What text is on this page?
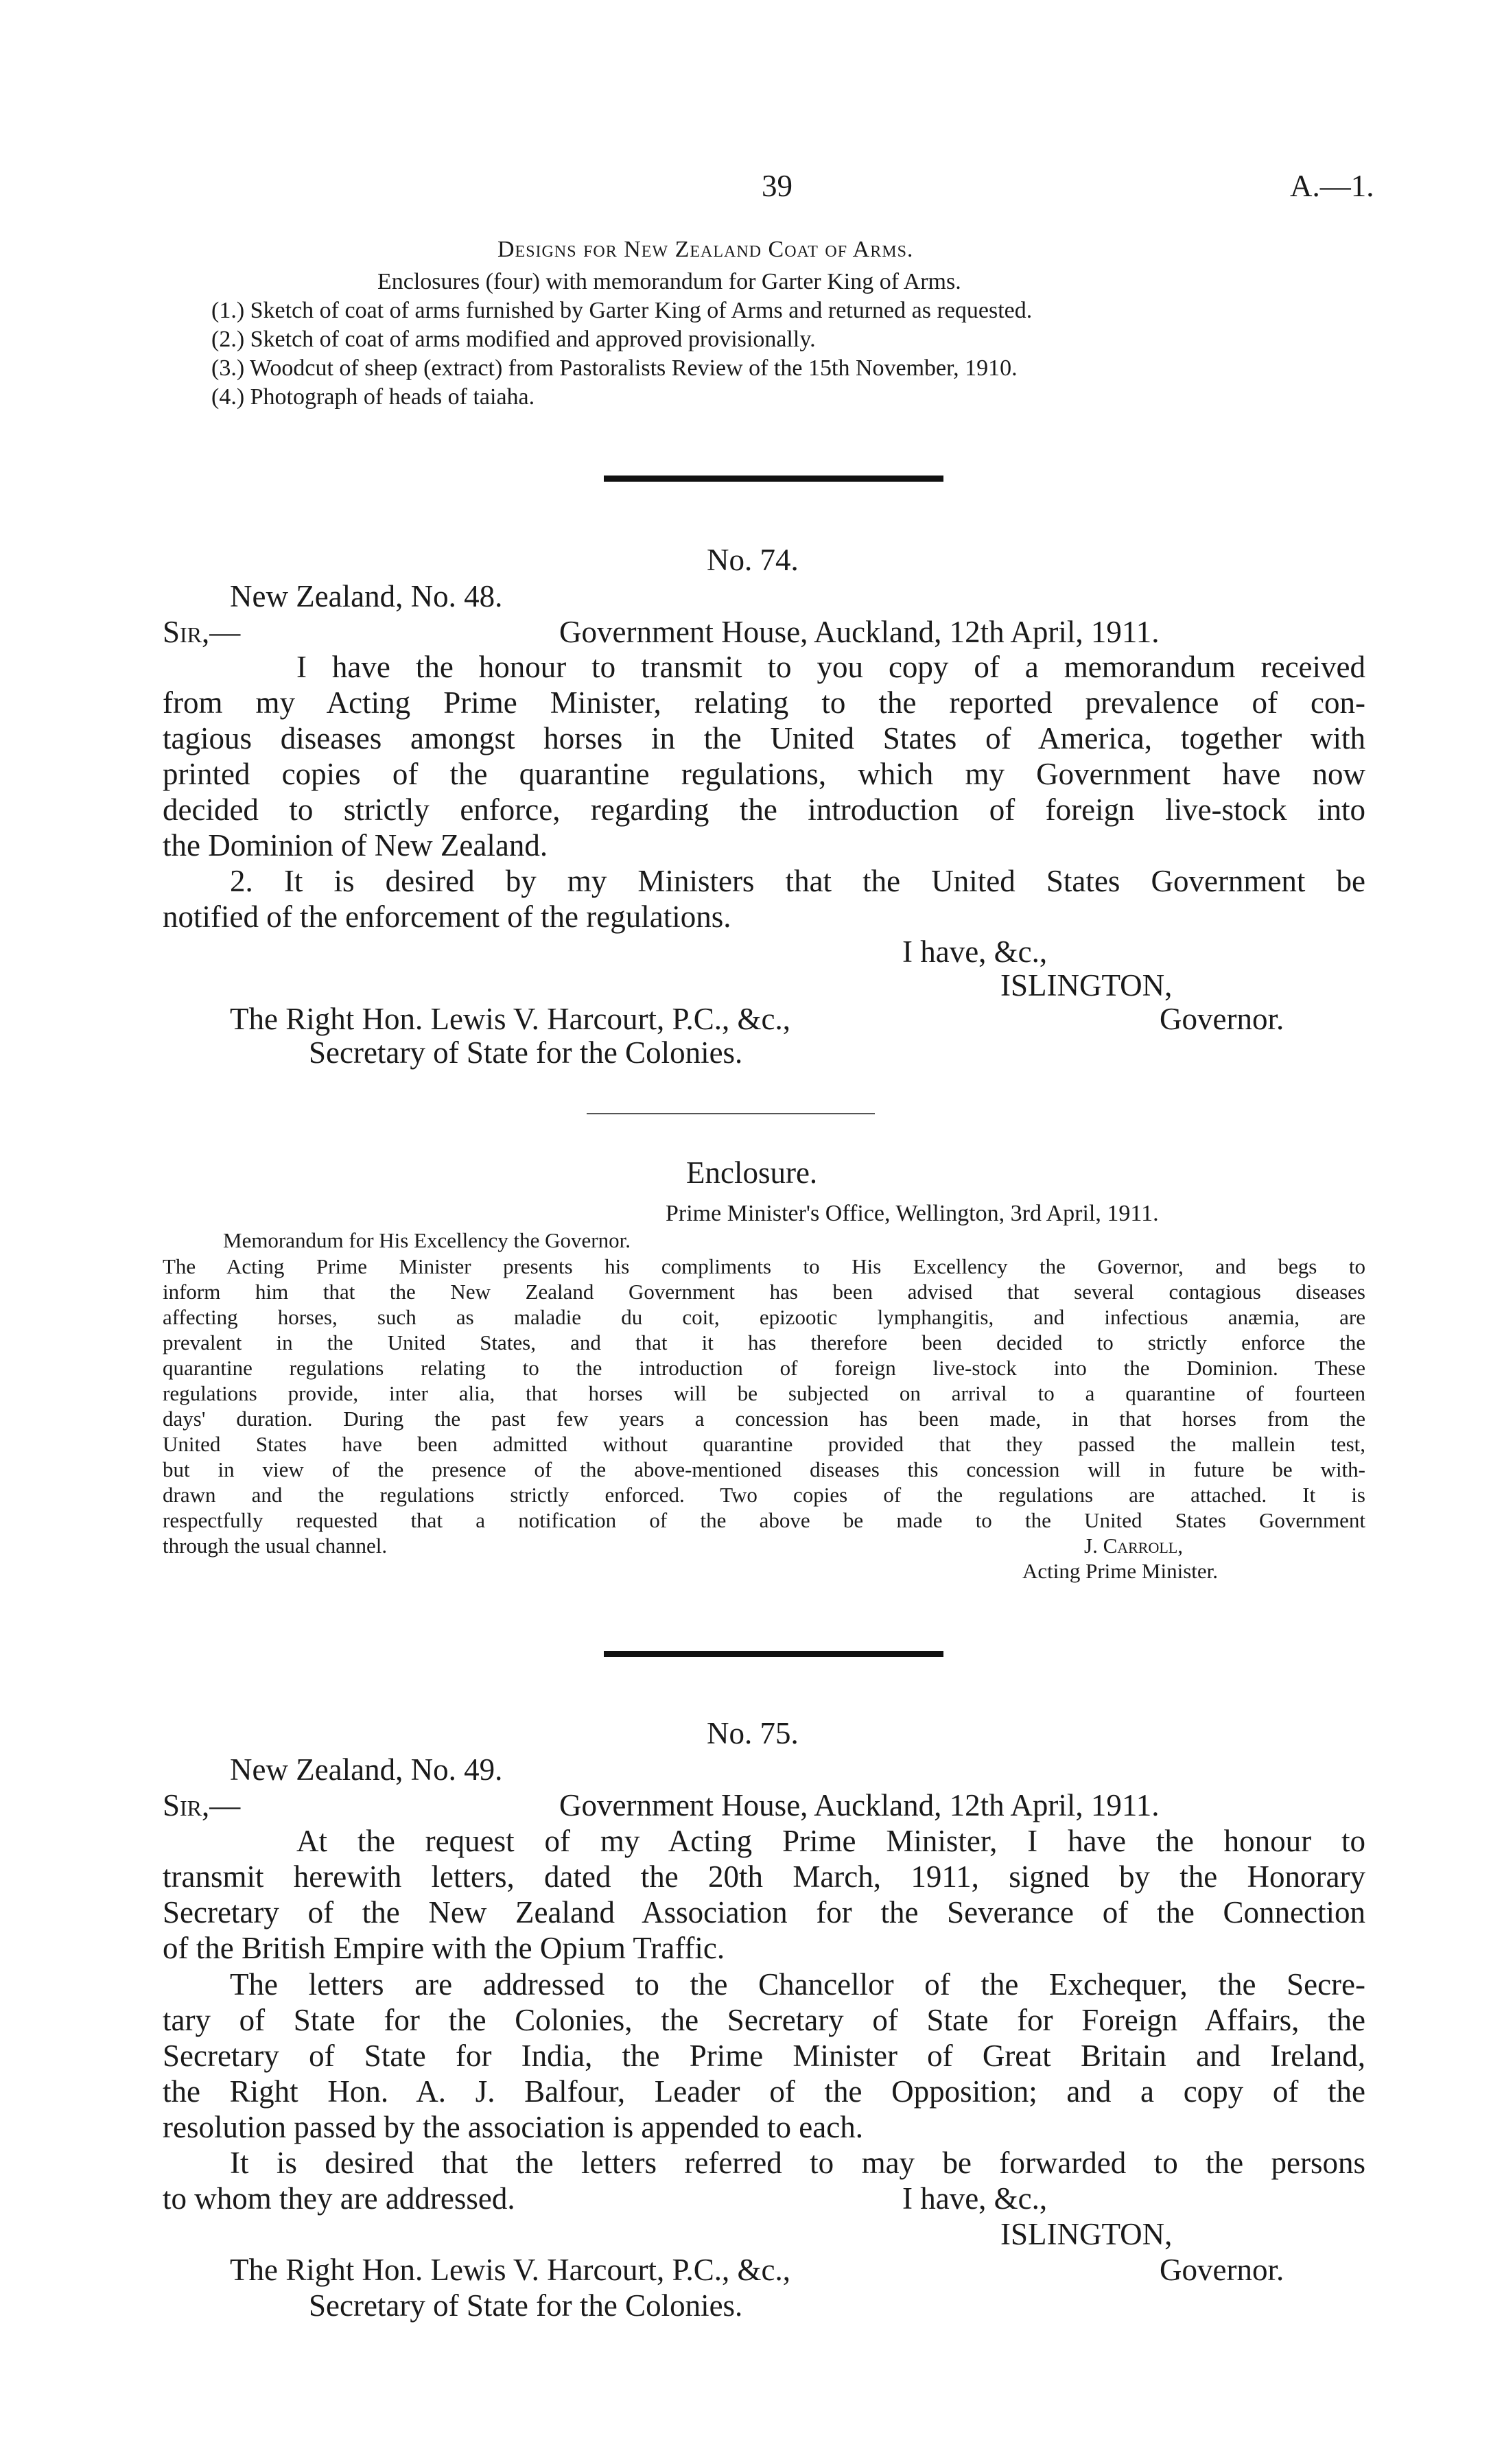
39	A.—1.
Designs for New Zealand Coat of Arms.
Enclosures (four) with memorandum for Garter King of Arms.
(1.) Sketch of coat of arms furnished by Garter King of Arms and returned as requested.
(2.) Sketch of coat of arms modified and approved provisionally.
(3.) Woodcut of sheep (extract) from Pastoralists Review of the 15th November, 1910.
(4.) Photograph of heads of taiaha.
No. 74.
New Zealand, No. 48.
Sir,—	Government House, Auckland, 12th April, 1911.
I have the honour to transmit to you copy of a memorandum received
from my Acting Prime Minister, relating to the reported prevalence of con-
tagious diseases amongst horses in the United States of America, together with
printed copies of the quarantine regulations, which my Government have now
decided to strictly enforce, regarding the introduction of foreign live-stock into
the Dominion of New Zealand.
2. It is desired by my Ministers that the United States Government be
notified of the enforcement of the regulations.
I have, &c.,
ISLINGTON,
The Right Hon. Lewis V. Harcourt, P.C., &c.,	Governor.
Secretary of State for the Colonies.
Enclosure.
Prime Minister's Office, Wellington, 3rd April, 1911.
Memorandum for His Excellency the Governor.
The Acting Prime Minister presents his compliments to His Excellency the Governor, and begs to
inform him that the New Zealand Government has been advised that several contagious diseases
affecting horses, such as maladie du coit, epizootic lymphangitis, and infectious anæmia, are
prevalent in the United States, and that it has therefore been decided to strictly enforce the
quarantine regulations relating to the introduction of foreign live-stock into the Dominion. These
regulations provide, inter alia, that horses will be subjected on arrival to a quarantine of fourteen
days' duration. During the past few years a concession has been made, in that horses from the
United States have been admitted without quarantine provided that they passed the mallein test,
but in view of the presence of the above-mentioned diseases this concession will in future be with-
drawn and the regulations strictly enforced. Two copies of the regulations are attached. It is
respectfully requested that a notification of the above be made to the United States Government
through the usual channel.	J. Carroll,
Acting Prime Minister.
No. 75.
New Zealand, No. 49.
Sir,—	Government House, Auckland, 12th April, 1911.
At the request of my Acting Prime Minister, I have the honour to
transmit herewith letters, dated the 20th March, 1911, signed by the Honorary
Secretary of the New Zealand Association for the Severance of the Connection
of the British Empire with the Opium Traffic.
The letters are addressed to the Chancellor of the Exchequer, the Secre-
tary of State for the Colonies, the Secretary of State for Foreign Affairs, the
Secretary of State for India, the Prime Minister of Great Britain and Ireland,
the Right Hon. A. J. Balfour, Leader of the Opposition; and a copy of the
resolution passed by the association is appended to each.
It is desired that the letters referred to may be forwarded to the persons
to whom they are addressed.	I have, &c.,
ISLINGTON,
The Right Hon. Lewis V. Harcourt, P.C., &c.,	Governor.
Secretary of State for the Colonies.
